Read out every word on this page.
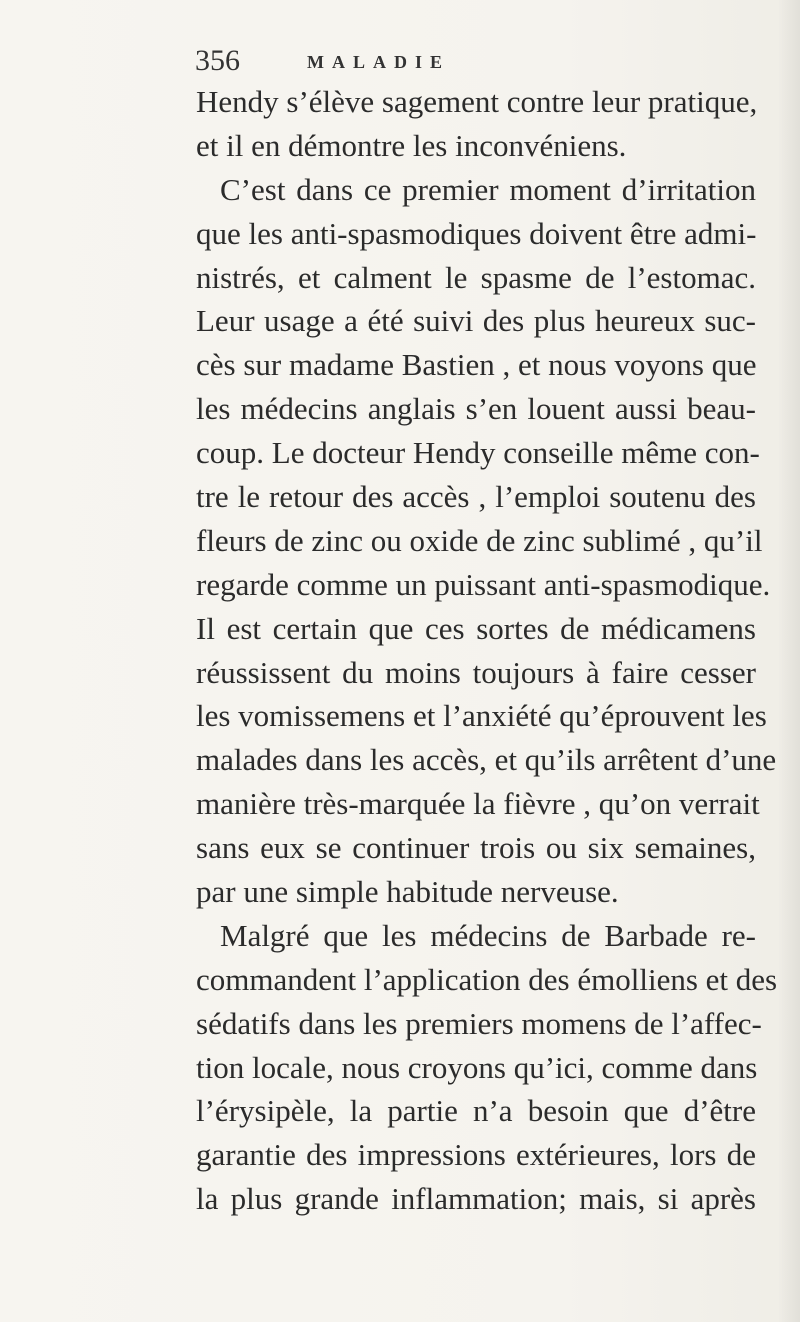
356	MALADIE
Hendy s’élève sagement contre leur pratique,
et il en démontre les inconvéniens.
C’est dans ce premier moment d’irritation
que les anti-spasmodiques doivent être admi-
nistrés, et calment le spasme de l’estomac.
Leur usage a été suivi des plus heureux suc-
cès sur madame Bastien , et nous voyons que
les médecins anglais s’en louent aussi beau-
coup. Le docteur Hendy conseille même con-
tre le retour des accès , l’emploi soutenu des
fleurs de zinc ou oxide de zinc sublimé , qu’il
regarde comme un puissant anti-spasmodique.
Il est certain que ces sortes de médicamens
réussissent du moins toujours à faire cesser
les vomissemens et l’anxiété qu’éprouvent les
malades dans les accès, et qu’ils arrêtent d’une
manière très-marquée la fièvre , qu’on verrait
sans eux se continuer trois ou six semaines,
par une simple habitude nerveuse.
Malgré que les médecins de Barbade re-
commandent l’application des émolliens et des
sédatifs dans les premiers momens de l’affec-
tion locale, nous croyons qu’ici, comme dans
l’érysipèle, la partie n’a besoin que d’être
garantie des impressions extérieures, lors de
la plus grande inflammation; mais, si après
